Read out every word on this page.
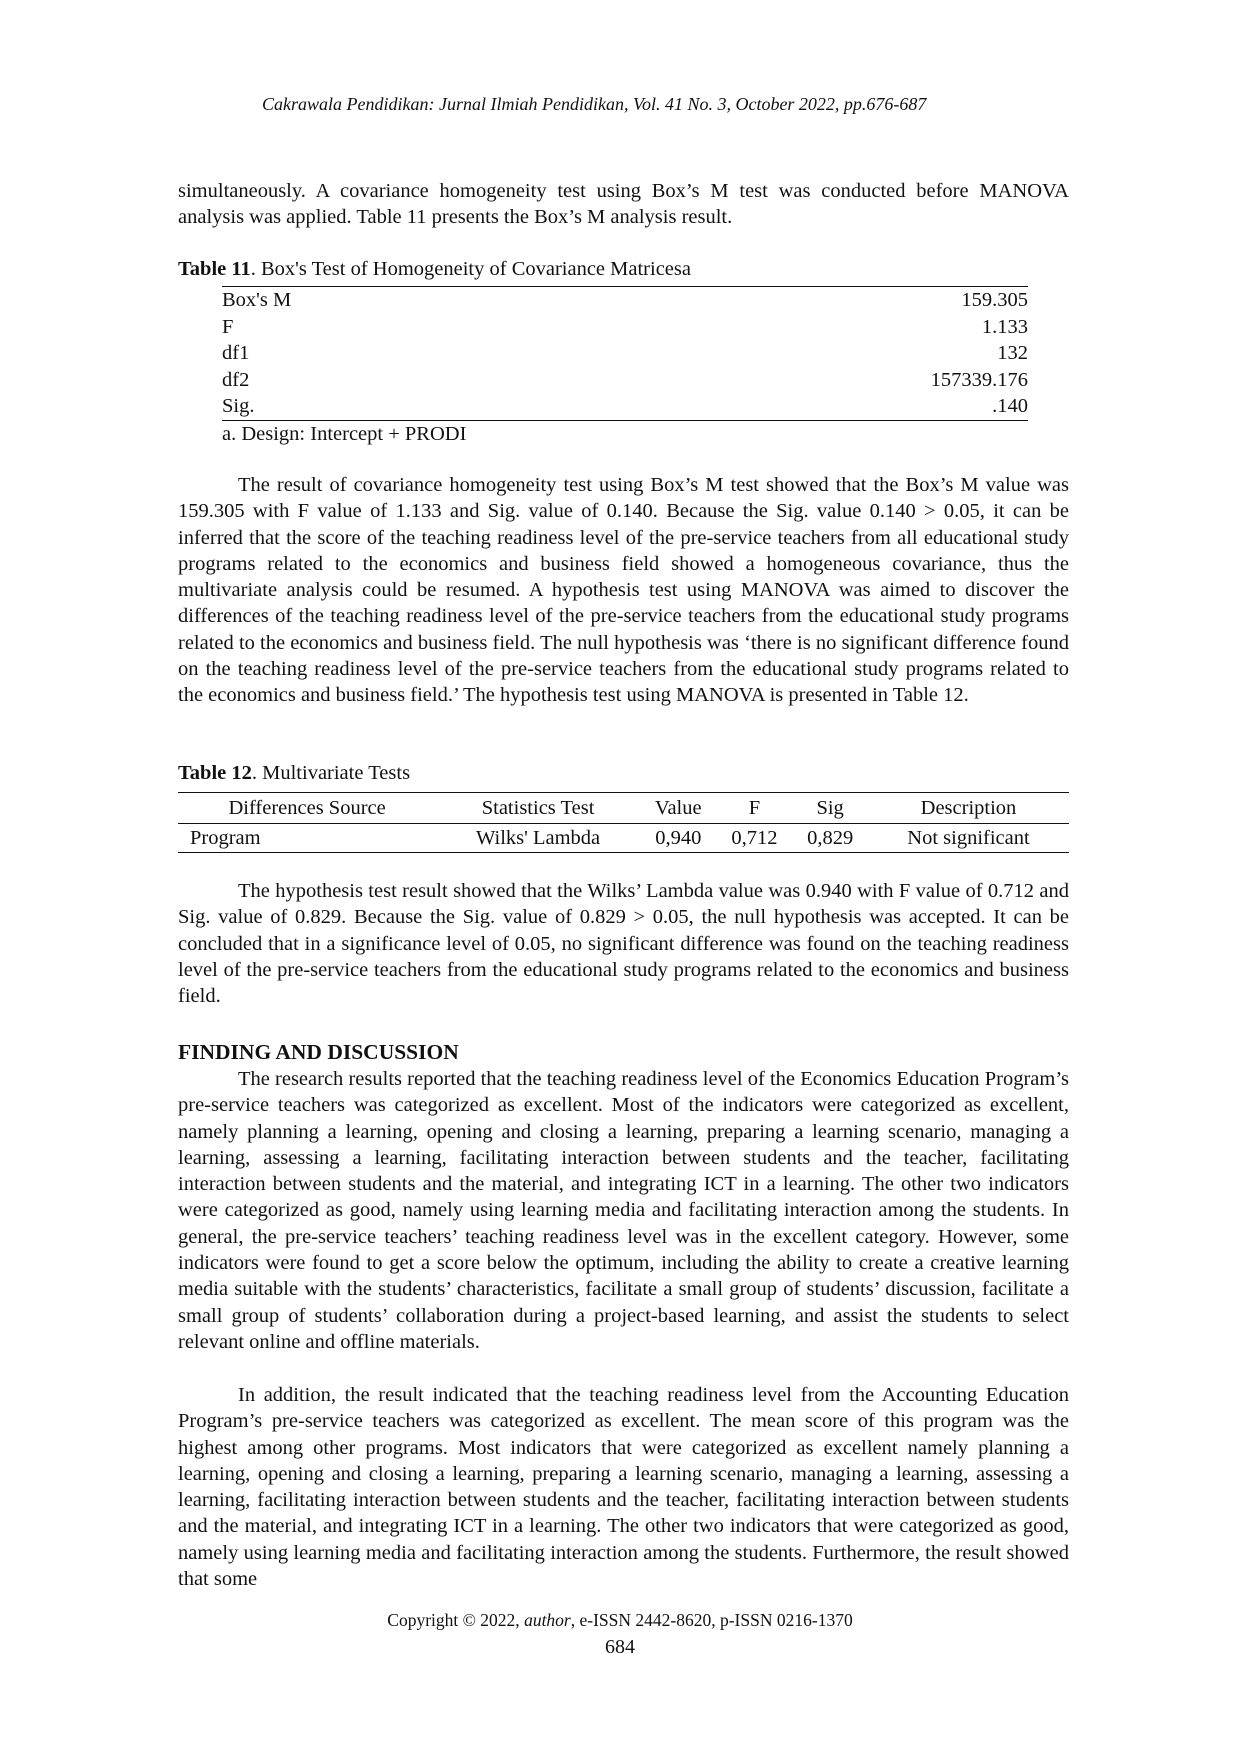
Cakrawala Pendidikan: Jurnal Ilmiah Pendidikan, Vol. 41 No. 3, October 2022, pp.676-687
simultaneously. A covariance homogeneity test using Box’s M test was conducted before MANOVA analysis was applied. Table 11 presents the Box’s M analysis result.
Table 11. Box's Test of Homogeneity of Covariance Matricesa
Box's M	159.305
F	1.133
df1	132
df2	157339.176
Sig.	.140
a. Design: Intercept + PRODI
The result of covariance homogeneity test using Box’s M test showed that the Box’s M value was 159.305 with F value of 1.133 and Sig. value of 0.140. Because the Sig. value 0.140 > 0.05, it can be inferred that the score of the teaching readiness level of the pre-service teachers from all educational study programs related to the economics and business field showed a homogeneous covariance, thus the multivariate analysis could be resumed. A hypothesis test using MANOVA was aimed to discover the differences of the teaching readiness level of the pre-service teachers from the educational study programs related to the economics and business field. The null hypothesis was ‘there is no significant difference found on the teaching readiness level of the pre-service teachers from the educational study programs related to the economics and business field.’ The hypothesis test using MANOVA is presented in Table 12.
Table 12. Multivariate Tests
Differences Source	Statistics Test	Value	F	Sig	Description
Program	Wilks' Lambda	0,940	0,712	0,829	Not significant
The hypothesis test result showed that the Wilks’ Lambda value was 0.940 with F value of 0.712 and Sig. value of 0.829. Because the Sig. value of 0.829 > 0.05, the null hypothesis was accepted. It can be concluded that in a significance level of 0.05, no significant difference was found on the teaching readiness level of the pre-service teachers from the educational study programs related to the economics and business field.
FINDING AND DISCUSSION
The research results reported that the teaching readiness level of the Economics Education Program’s pre-service teachers was categorized as excellent. Most of the indicators were categorized as excellent, namely planning a learning, opening and closing a learning, preparing a learning scenario, managing a learning, assessing a learning, facilitating interaction between students and the teacher, facilitating interaction between students and the material, and integrating ICT in a learning. The other two indicators were categorized as good, namely using learning media and facilitating interaction among the students. In general, the pre-service teachers’ teaching readiness level was in the excellent category. However, some indicators were found to get a score below the optimum, including the ability to create a creative learning media suitable with the students’ characteristics, facilitate a small group of students’ discussion, facilitate a small group of students’ collaboration during a project-based learning, and assist the students to select relevant online and offline materials.
In addition, the result indicated that the teaching readiness level from the Accounting Education Program’s pre-service teachers was categorized as excellent. The mean score of this program was the highest among other programs. Most indicators that were categorized as excellent namely planning a learning, opening and closing a learning, preparing a learning scenario, managing a learning, assessing a learning, facilitating interaction between students and the teacher, facilitating interaction between students and the material, and integrating ICT in a learning. The other two indicators that were categorized as good, namely using learning media and facilitating interaction among the students. Furthermore, the result showed that some
Copyright © 2022, author, e-ISSN 2442-8620, p-ISSN 0216-1370
684
